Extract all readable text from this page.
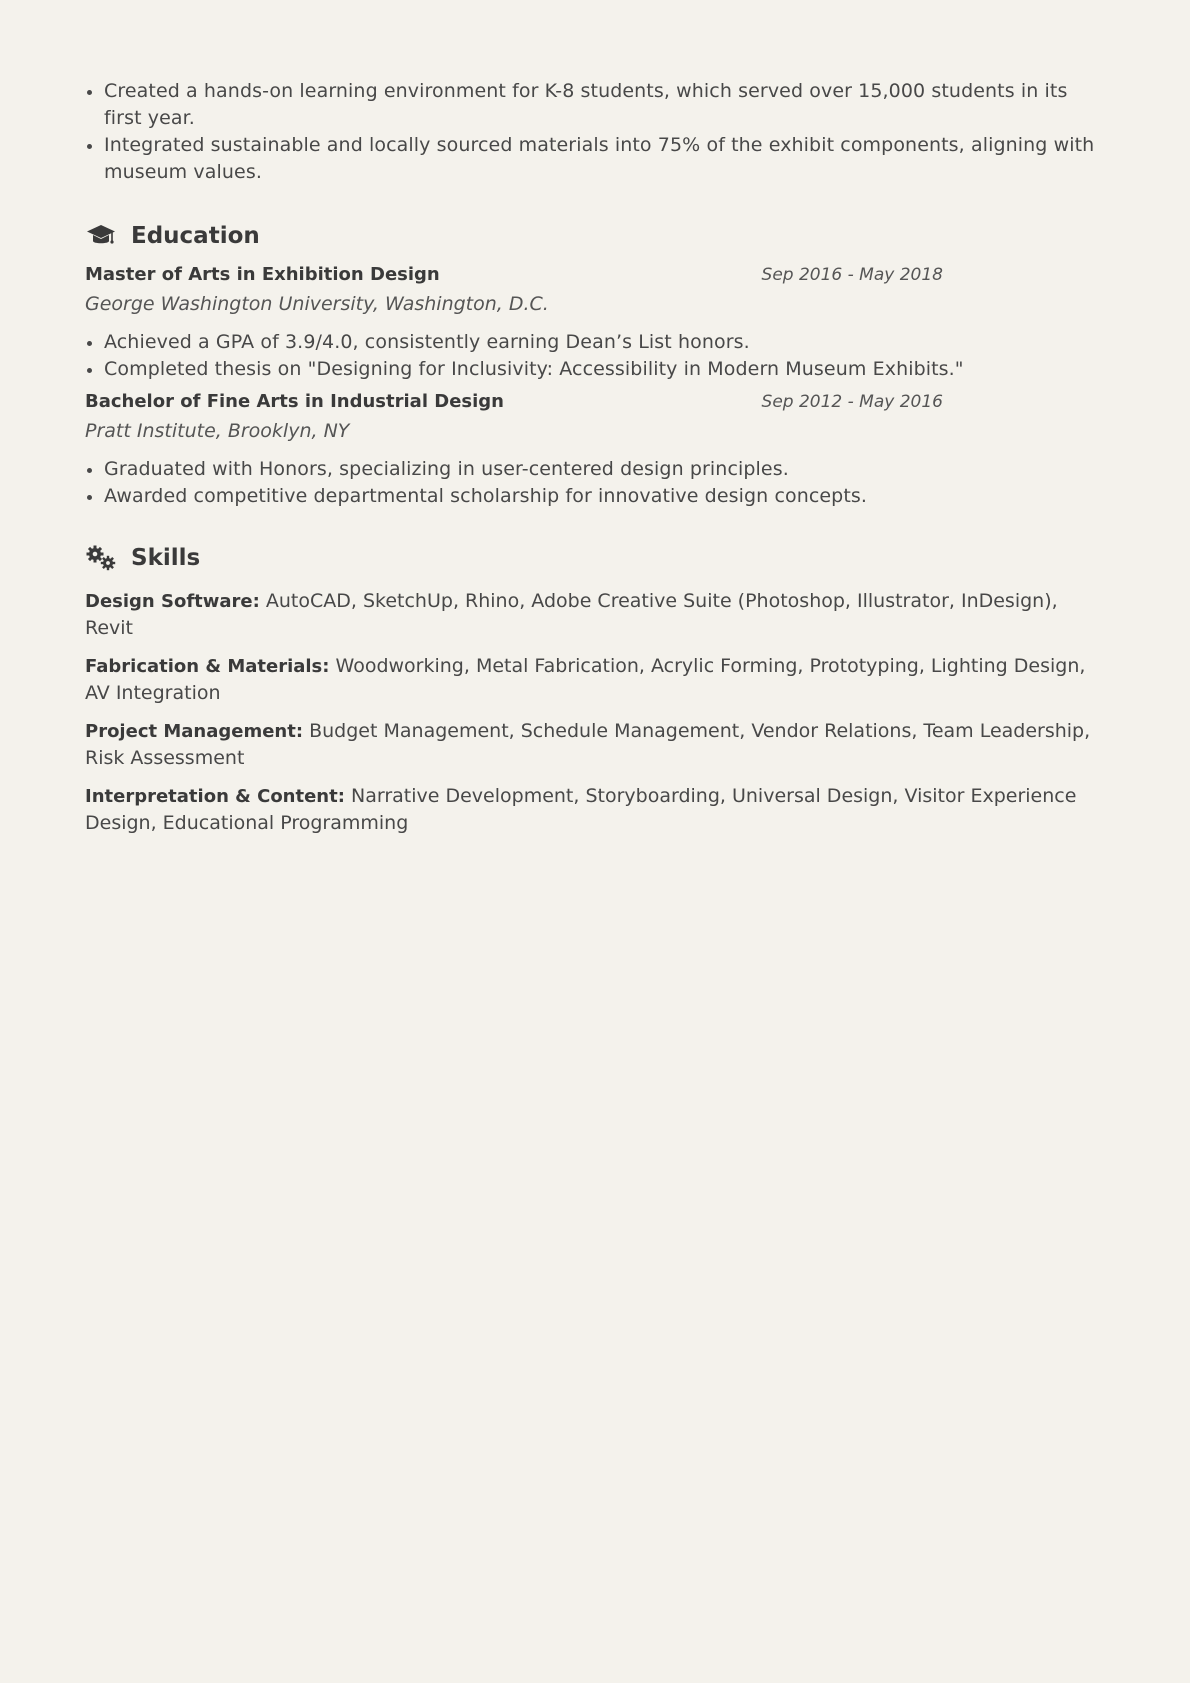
Created a hands-on learning environment for K-8 students, which served over 15,000 students in its first year.
Integrated sustainable and locally sourced materials into 75% of the exhibit components, aligning with museum values.
Education
Master of Arts in Exhibition Design	Sep 2016 - May 2018
George Washington University, Washington, D.C.
Achieved a GPA of 3.9/4.0, consistently earning Dean’s List honors.
Completed thesis on "Designing for Inclusivity: Accessibility in Modern Museum Exhibits."
Bachelor of Fine Arts in Industrial Design	Sep 2012 - May 2016
Pratt Institute, Brooklyn, NY
Graduated with Honors, specializing in user-centered design principles.
Awarded competitive departmental scholarship for innovative design concepts.
Skills
Design Software: AutoCAD, SketchUp, Rhino, Adobe Creative Suite (Photoshop, Illustrator, InDesign), Revit
Fabrication & Materials: Woodworking, Metal Fabrication, Acrylic Forming, Prototyping, Lighting Design, AV Integration
Project Management: Budget Management, Schedule Management, Vendor Relations, Team Leadership, Risk Assessment
Interpretation & Content: Narrative Development, Storyboarding, Universal Design, Visitor Experience Design, Educational Programming
